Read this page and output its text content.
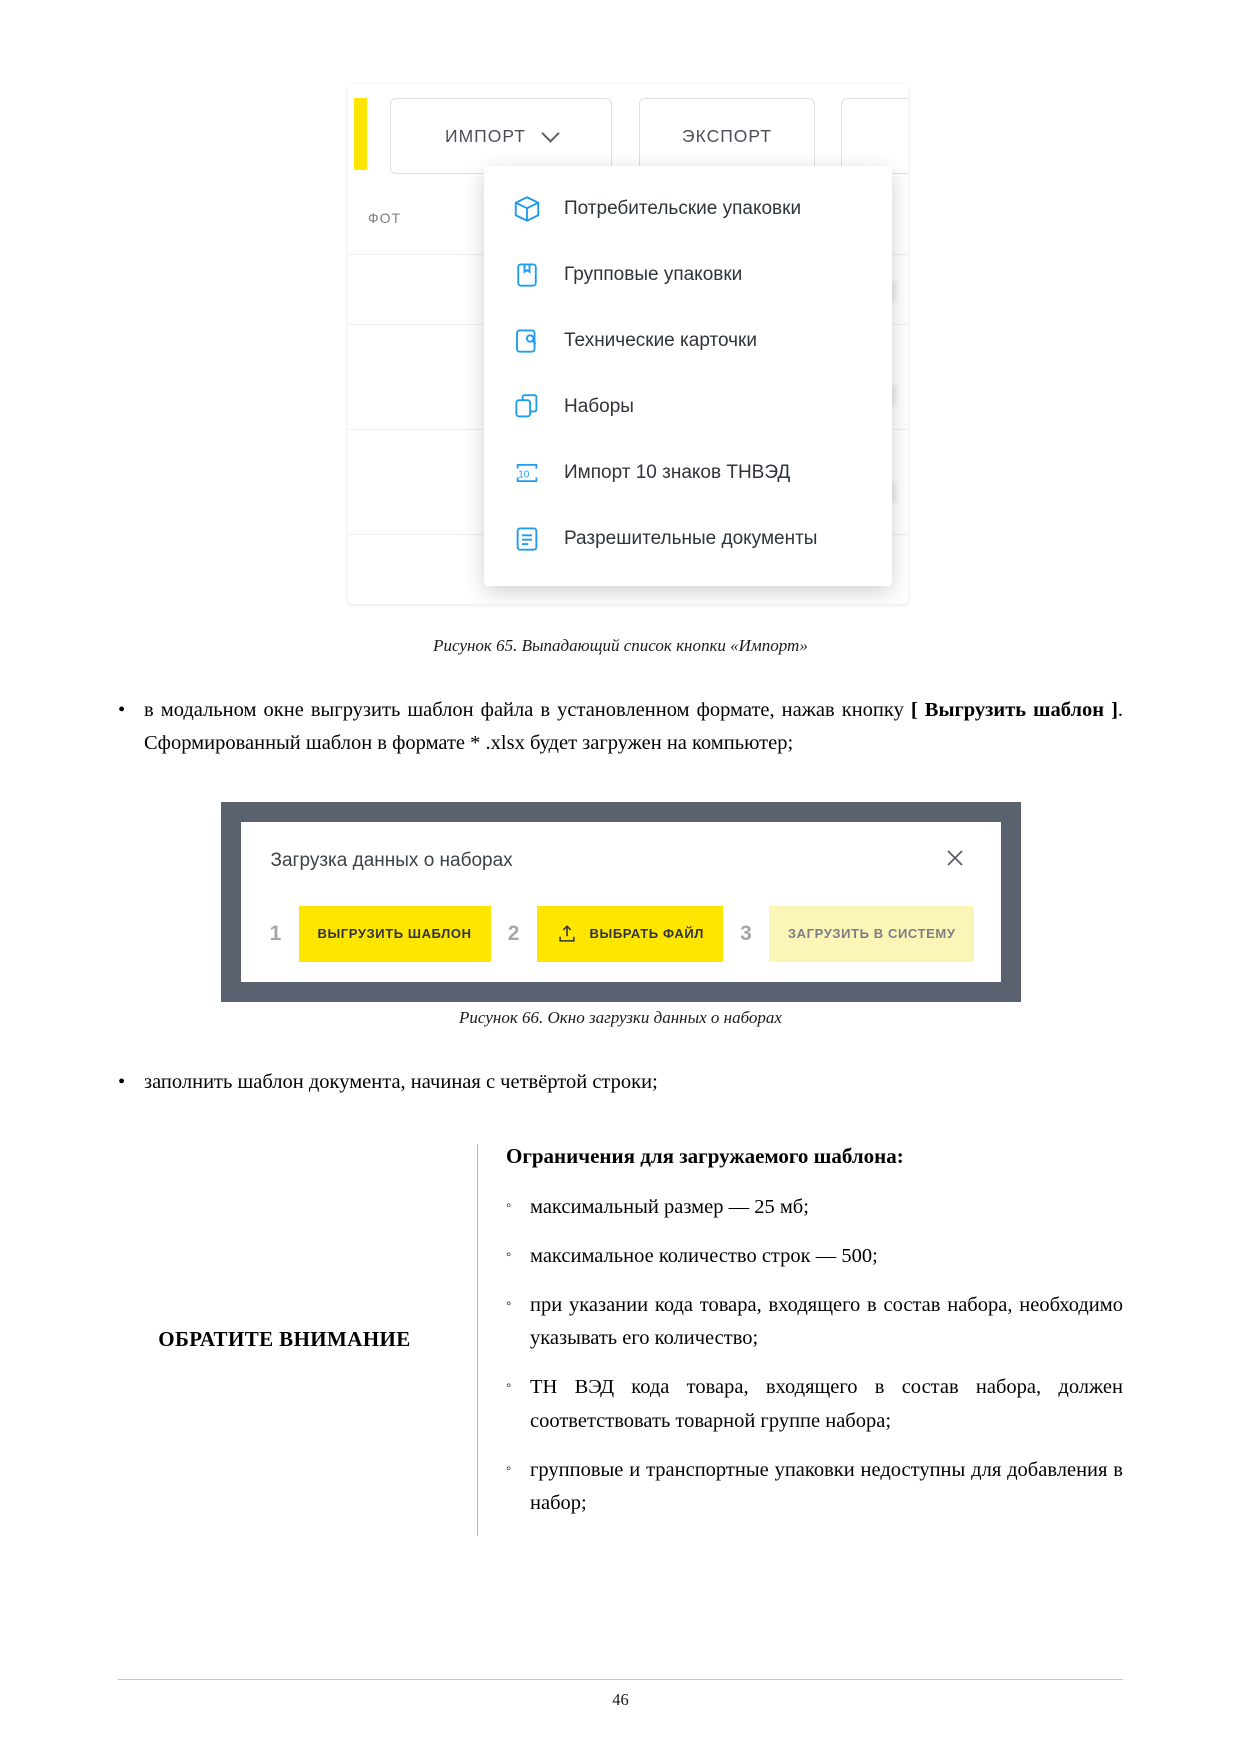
ИМПОРТ	ЭКСПОРТ
ФОТ	Потребительские упаковки
Групповые упаковки
Технические карточки
Наборы
10 Импорт 10 знаков ТНВЭД
Разрешительные документы
Рисунок 65. Выпадающий список кнопки «Импорт»
• в модальном окне выгрузить шаблон файла в установленном формате, нажав кнопку [ Выгрузить шаблон ]. Сформированный шаблон в формате * .xlsx будет загружен на компьютер;
Загрузка данных о наборах
1	ВЫГРУЗИТЬ ШАБЛОН 2	ВЫБРАТЬ ФАЙЛ 3	ЗАГРУЗИТЬ В СИСТЕМУ
Рисунок 66. Окно загрузки данных о наборах
• заполнить шаблон документа, начиная с четвёртой строки;
ОБРАТИТЕ ВНИМАНИЕ
Ограничения для загружаемого шаблона:
◦ максимальный размер — 25 мб;
◦ максимальное количество строк — 500;
◦ при указании кода товара, входящего в состав набора, необходимо указывать его количество;
◦ ТН ВЭД кода товара, входящего в состав набора, должен соответствовать товарной группе набора;
◦ групповые и транспортные упаковки недоступны для добавления в набор;
46
